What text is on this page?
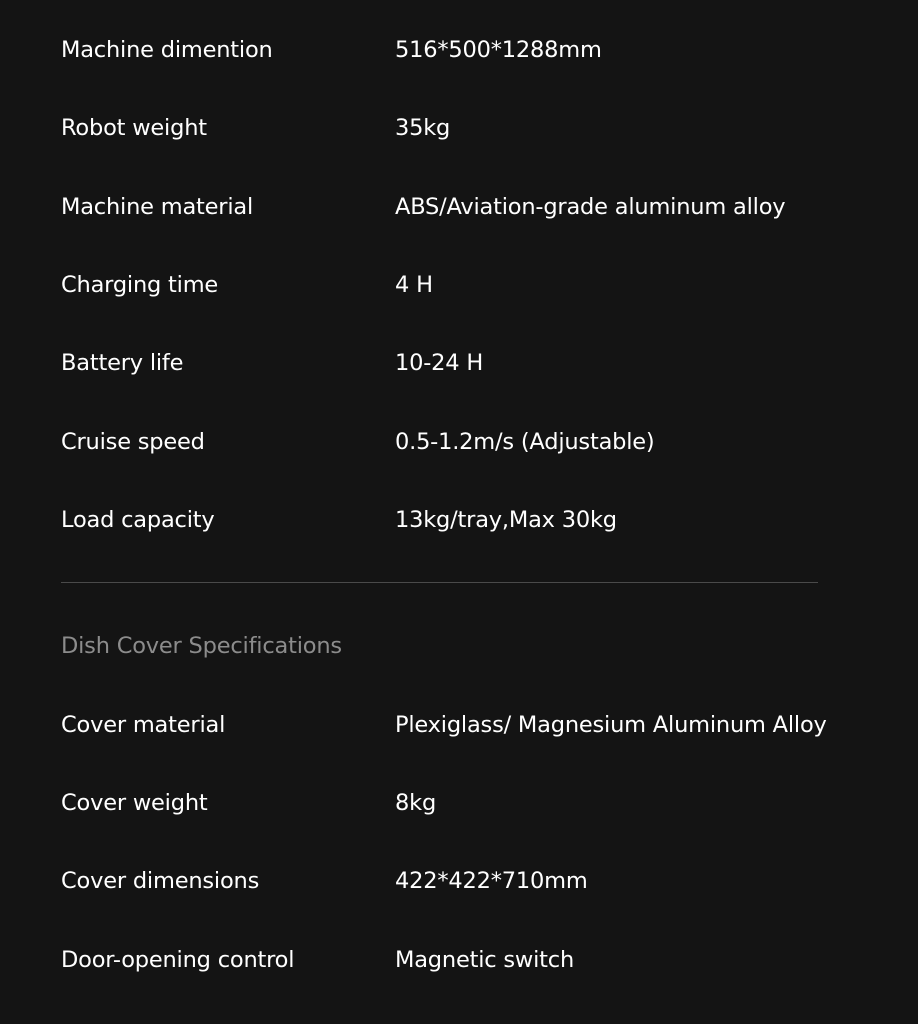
Machine dimention	516*500*1288mm
Robot weight	35kg
Machine material	ABS/Aviation-grade aluminum alloy
Charging time	4 H
Battery life	10-24 H
Cruise speed	0.5-1.2m/s (Adjustable)
Load capacity	13kg/tray,Max 30kg
Dish Cover Specifications
Cover material	Plexiglass/ Magnesium Aluminum Alloy
Cover weight	8kg
Cover dimensions	422*422*710mm
Door-opening control	Magnetic switch
